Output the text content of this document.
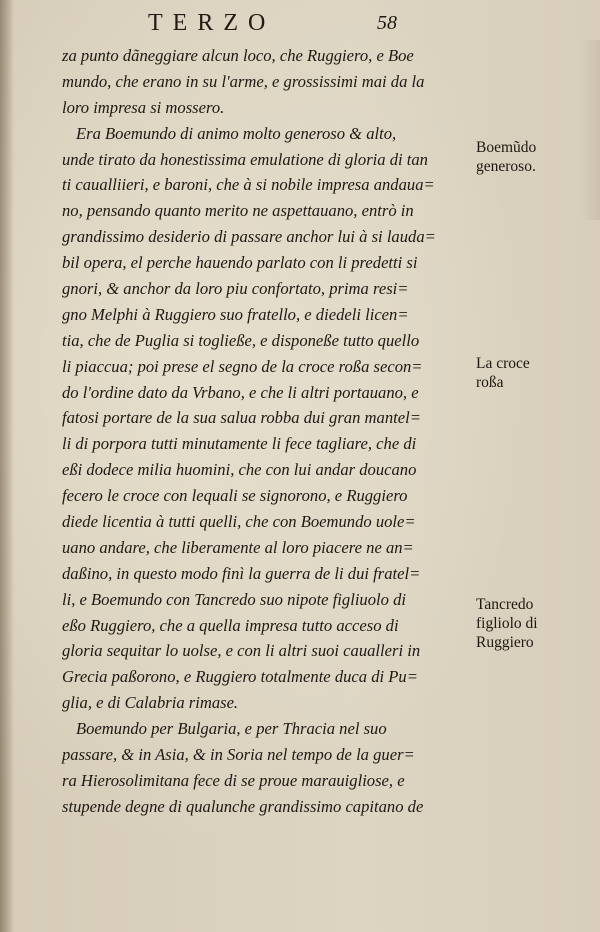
TERZO	58
za punto dãneggiare alcun loco, che Ruggiero, e Boe
mundo, che erano in su l'arme, e grossissimi mai da la
loro impresa si mossero.
Era Boemundo di animo molto generoso & alto,
unde tirato da honestissima emulatione di gloria di tan
ti caualliieri, e baroni, che à si nobile impresa andaua=
no, pensando quanto merito ne aspettauano, entrò in
grandissimo desiderio di passare anchor lui à si lauda=
bil opera, el perche hauendo parlato con li predetti si
gnori, & anchor da loro piu confortato, prima resi=
gno Melphi à Ruggiero suo fratello, e diedeli licen=
tia, che de Puglia si togließe, e disponeße tutto quello
li piaccua; poi prese el segno de la croce roßa secon=
do l'ordine dato da Vrbano, e che li altri portauano, e
fatosi portare de la sua salua robba dui gran mantel=
li di porpora tutti minutamente li fece tagliare, che di
eßi dodece milia huomini, che con lui andar doucano
fecero le croce con lequali se signorono, e Ruggiero
diede licentia à tutti quelli, che con Boemundo uole=
uano andare, che liberamente al loro piacere ne an=
daßino, in questo modo finì la guerra de li dui fratel=
li, e Boemundo con Tancredo suo nipote figliuolo di
eßo Ruggiero, che a quella impresa tutto acceso di
gloria sequitar lo uolse, e con li altri suoi caualleri in
Grecia paßorono, e Ruggiero totalmente duca di Pu=
glia, e di Calabria rimase.
Boemundo per Bulgaria, e per Thracia nel suo
passare, & in Asia, & in Soria nel tempo de la guer=
ra Hierosolimitana fece di se proue marauigliose, e
stupende degne di qualunche grandissimo capitano de
Boemũdo
generoso.
La croce
roßa
Tancredo
figliolo di
Ruggiero
